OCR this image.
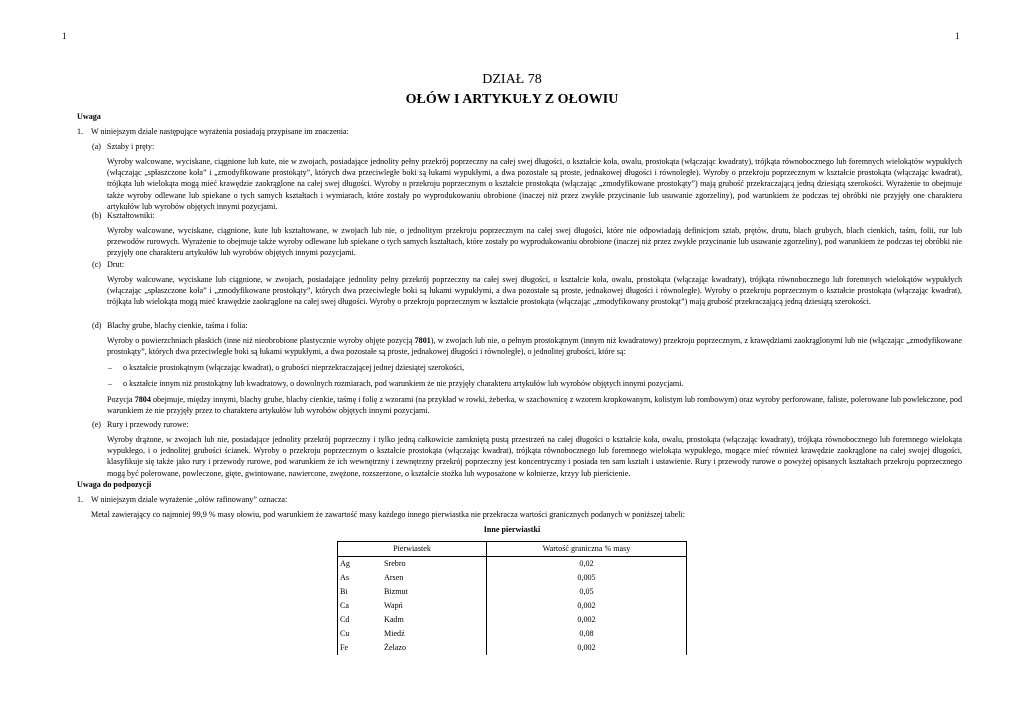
1	1
DZIAŁ 78
OŁÓW I ARTYKUŁY Z OŁOWIU
Uwaga
1. W niniejszym dziale następujące wyrażenia posiadają przypisane im znaczenia:
(a) Sztaby i pręty:
Wyroby walcowane, wyciskane, ciągnione lub kute, nie w zwojach, posiadające jednolity pełny przekrój poprzeczny na całej swej długości, o kształcie koła, owalu, prostokąta (włączając kwadraty), trójkąta równobocznego lub foremnych wielokątów wypukłych (włączając „spłaszczone koła” i „zmodyfikowane prostokąty”, których dwa przeciwległe boki są łukami wypukłymi, a dwa pozostałe są proste, jednakowej długości i równoległe). Wyroby o przekroju poprzecznym w kształcie prostokąta (włączając kwadrat), trójkąta lub wielokąta mogą mieć krawędzie zaokrąglone na całej swej długości. Wyroby o przekroju poprzecznym o kształcie prostokąta (włączając „zmodyfikowane prostokąty”) mają grubość przekraczającą jedną dziesiątą szerokości. Wyrażenie to obejmuje także wyroby odlewane lub spiekane o tych samych kształtach i wymiarach, które zostały po wyprodukowaniu obrobione (inaczej niż przez zwykłe przycinanie lub usuwanie zgorzeliny), pod warunkiem że podczas tej obróbki nie przyjęły one charakteru artykułów lub wyrobów objętych innymi pozycjami.
(b) Kształtowniki:
Wyroby walcowane, wyciskane, ciągnione, kute lub kształtowane, w zwojach lub nie, o jednolitym przekroju poprzecznym na całej swej długości, które nie odpowiadają definicjom sztab, prętów, drutu, blach grubych, blach cienkich, taśm, folii, rur lub przewodów rurowych. Wyrażenie to obejmuje także wyroby odlewane lub spiekane o tych samych kształtach, które zostały po wyprodukowaniu obrobione (inaczej niż przez zwykłe przycinanie lub usuwanie zgorzeliny), pod warunkiem że podczas tej obróbki nie przyjęły one charakteru artykułów lub wyrobów objętych innymi pozycjami.
(c) Drut:
Wyroby walcowane, wyciskane lub ciągnione, w zwojach, posiadające jednolity pełny przekrój poprzeczny na całej swej długości, o kształcie koła, owalu, prostokąta (włączając kwadraty), trójkąta równobocznego lub foremnych wielokątów wypukłych (włączając „spłaszczone koła” i „zmodyfikowane prostokąty”, których dwa przeciwległe boki są łukami wypukłymi, a dwa pozostałe są proste, jednakowej długości i równoległe). Wyroby o przekroju poprzecznym o kształcie prostokąta (włączając kwadrat), trójkąta lub wielokąta mogą mieć krawędzie zaokrąglone na całej swej długości. Wyroby o przekroju poprzecznym w kształcie prostokąta (włączając „zmodyfikowany prostokąt”) mają grubość przekraczającą jedną dziesiątą szerokości.
(d) Blachy grube, blachy cienkie, taśma i folia:
Wyroby o powierzchniach płaskich (inne niż nieobrobione plastycznie wyroby objęte pozycją 7801), w zwojach lub nie, o pełnym prostokątnym (innym niż kwadratowy) przekroju poprzecznym, z krawędziami zaokrąglonymi lub nie (włączając „zmodyfikowane prostokąty”, których dwa przeciwległe boki są łukami wypukłymi, a dwa pozostałe są proste, jednakowej długości i równoległe), o jednolitej grubości, które są:
– o kształcie prostokątnym (włączając kwadrat), o grubości nieprzekraczającej jednej dziesiątej szerokości,
– o kształcie innym niż prostokątny lub kwadratowy, o dowolnych rozmiarach, pod warunkiem że nie przyjęły charakteru artykułów lub wyrobów objętych innymi pozycjami.
Pozycja 7804 obejmuje, między innymi, blachy grube, blachy cienkie, taśmę i folię z wzorami (na przykład w rowki, żeberka, w szachownicę z wzorem kropkowanym, kolistym lub rombowym) oraz wyroby perforowane, faliste, polerowane lub powlekczone, pod warunkiem że nie przyjęły przez to charakteru artykułów lub wyrobów objętych innymi pozycjami.
(e) Rury i przewody rurowe:
Wyroby drążone, w zwojach lub nie, posiadające jednolity przekrój poprzeczny i tylko jedną całkowicie zamkniętą pustą przestrzeń na całej długości o kształcie koła, owalu, prostokąta (włączając kwadraty), trójkąta równobocznego lub foremnego wielokąta wypukłego, i o jednolitej grubości ścianek. Wyroby o przekroju poprzecznym o kształcie prostokąta (włączając kwadrat), trójkąta równobocznego lub foremnego wielokąta wypukłego, mogące mieć również krawędzie zaokrąglone na całej swojej długości, klasyfikuje się także jako rury i przewody rurowe, pod warunkiem że ich wewnętrzny i zewnętrzny przekrój poprzeczny jest koncentryczny i posiada ten sam kształt i ustawienie. Rury i przewody rurowe o powyżej opisanych kształtach przekroju poprzecznego mogą być polerowane, powleczone, gięte, gwintowane, nawiercone, zwężone, rozszerzone, o kształcie stożka lub wyposażone w kołnierze, krzyy lub pierścienie.
Uwaga do podpozycji
1. W niniejszym dziale wyrażenie „ołów rafinowany” oznacza:
Metal zawierający co najmniej 99,9 % masy ołowiu, pod warunkiem że zawartość masy każdego innego pierwiastka nie przekracza wartości granicznych podanych w poniższej tabeli:
Inne pierwiastki
Pierwiastek		Wartość graniczna % masy
Ag	Srebro	0,02
As	Arsen	0,005
Bi	Bizmut	0,05
Ca	Wapń	0,002
Cd	Kadm	0,002
Cu	Miedź	0,08
Fe	Żelazo	0,002
